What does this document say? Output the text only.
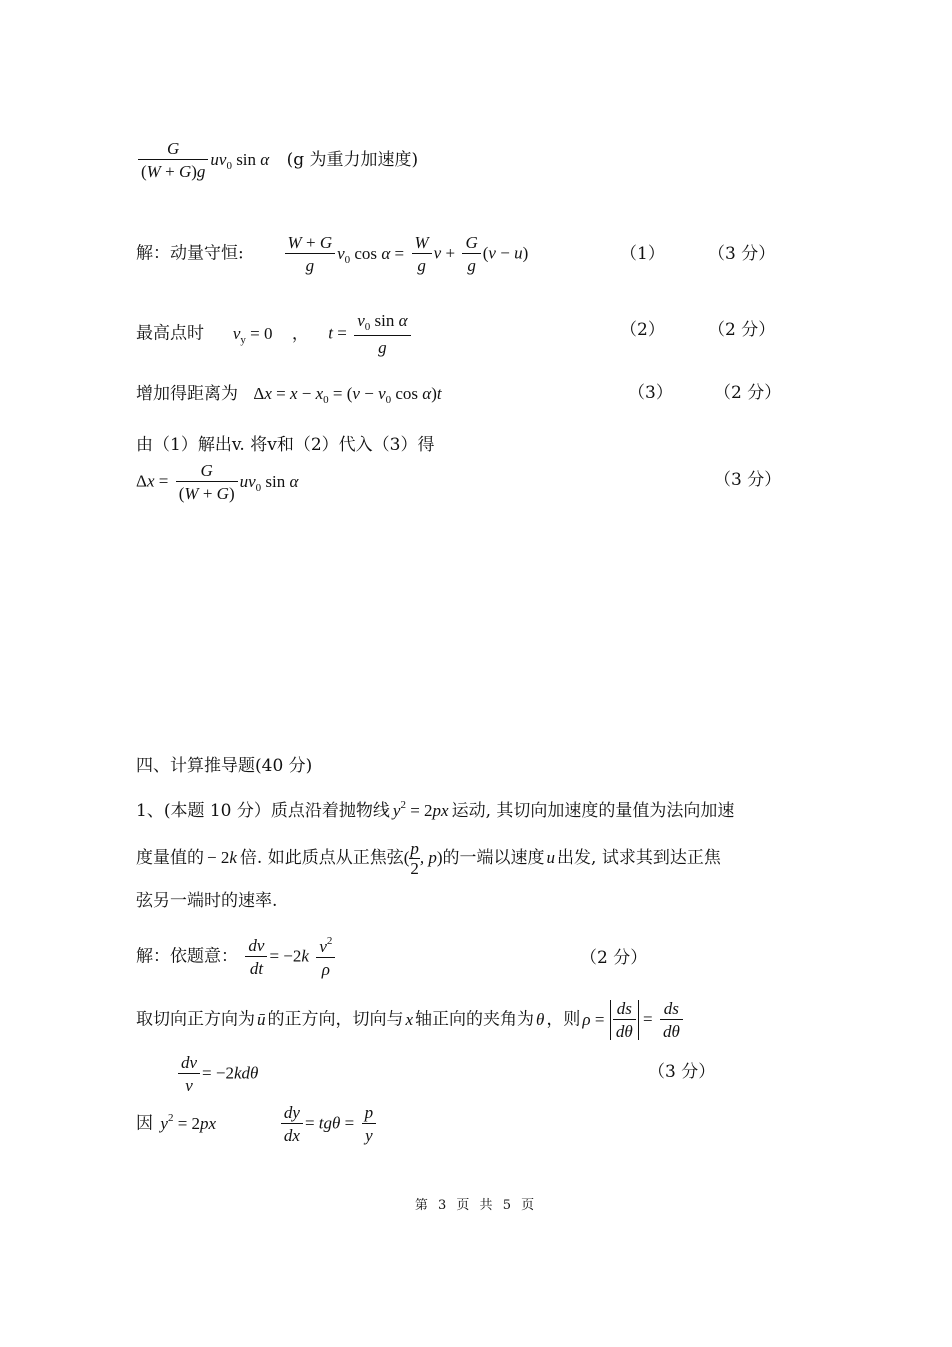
$\frac{G}{(W + G)g} uv_0$ sin α (g 为重力加速度)
解：动量守恒: $\frac{W + G}{g} v_0$ $\cos \alpha = \frac{W}{g}$ $v + \frac{G}{g} (v - u)$	（1）	（3 分）
最高点时 $v_y = 0$ ， $t = \frac{v_0 \sin \alpha}{g}$	（2）	（2 分）
增加得距离为 $\Delta x = x - x_0 = (v - v_0$ cos α)t	（3） （2 分）
由（1）解出v. 将v和（2）代入（3）得
$\Delta x = \frac{G}{(W + G)} uv_0$ sin α	（3 分）
四、计算推导题(40 分)
1、(本题 10 分）质点沿着抛物线 $y^2 = 2px$ 运动, 其切向加速度的量值为法向加速
度量值的 − 2k 倍. 如此质点从正焦弦( $\frac{p}{2}$ , p)的一端以速度 u 出发, 试求其到达正焦
弦另一端时的速率.
解：依题意： $\frac{dv}{dt} = -2k \frac{v^2}{\rho}$	（2 分）
取切向正方向为 ū 的正方向，切向与 x 轴正向的夹角为 θ ，则 $\rho = \frac{ds}{d\theta} = \frac{ds}{d\theta}$
$\frac{dv}{v} = -2kd\theta$	（3 分）
因 $y^2 = 2px$	$\frac{dy}{dx} = tg\theta = \frac{p}{y}$
第 3 页 共 5 页
